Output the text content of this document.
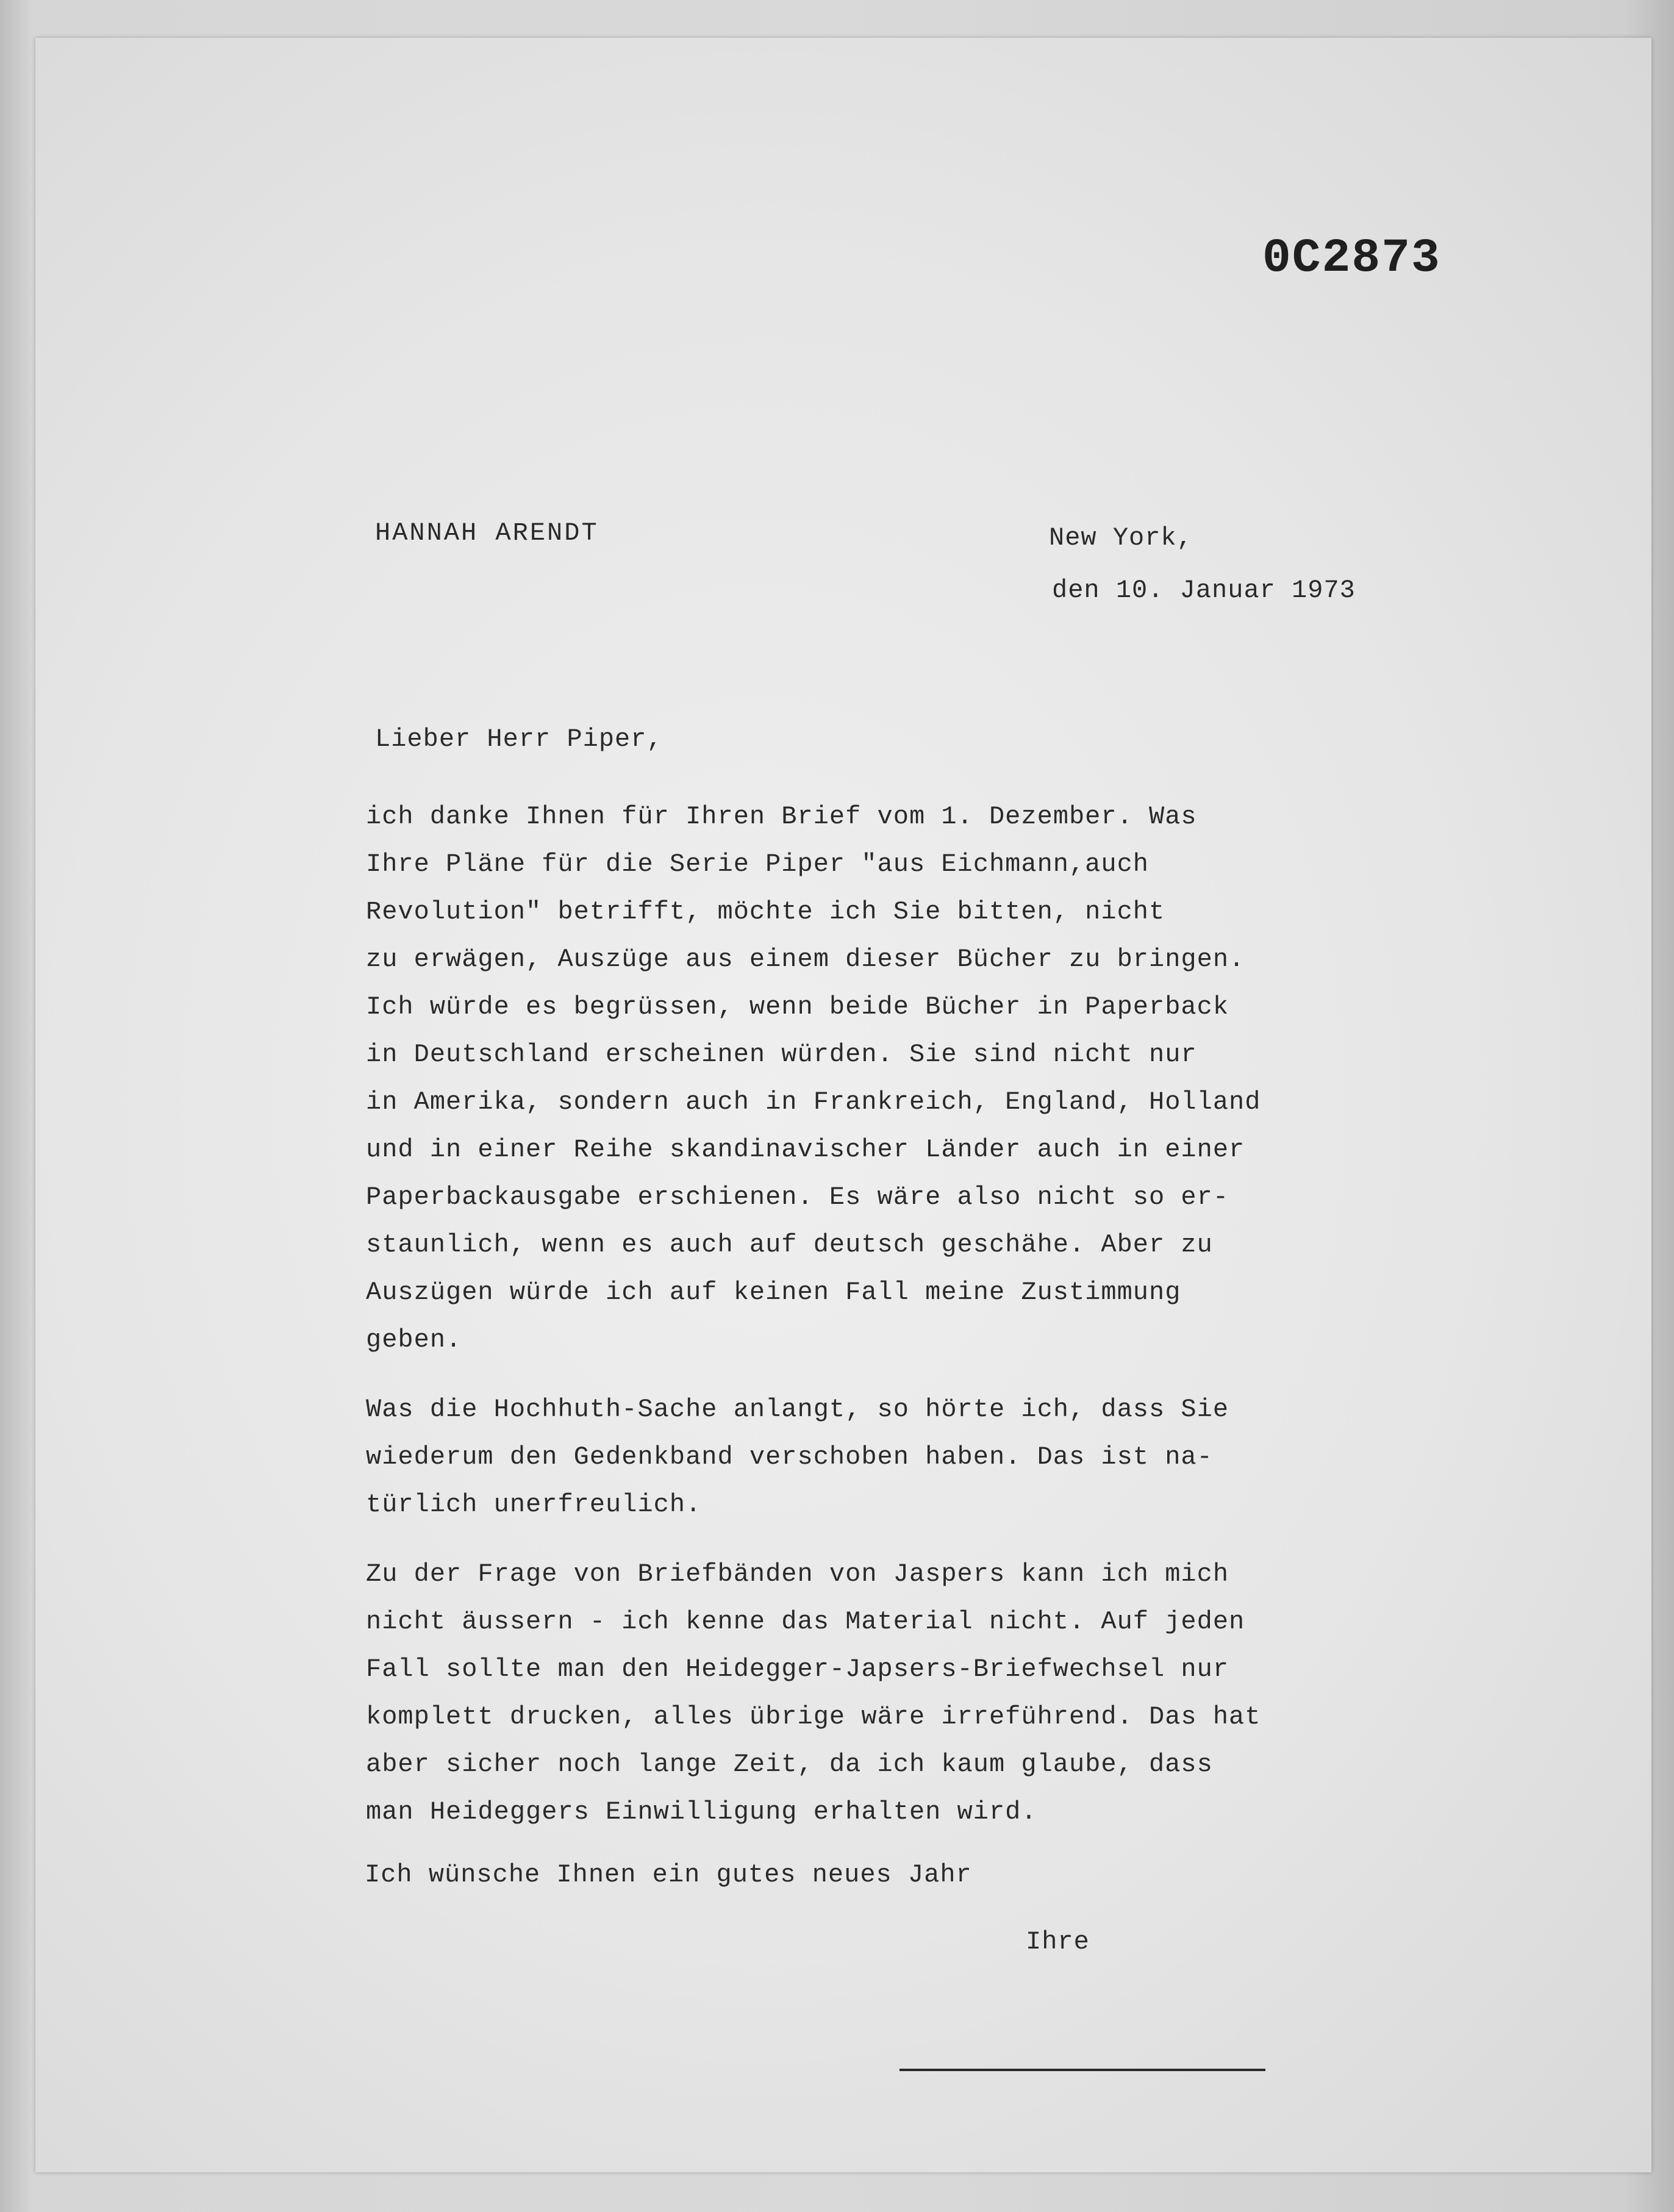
0C2873
HANNAH ARENDT	New York,
den 10. Januar 1973
Lieber Herr Piper,
ich danke Ihnen für Ihren Brief vom 1. Dezember. Was
Ihre Pläne für die Serie Piper "aus Eichmann,auch
Revolution" betrifft, möchte ich Sie bitten, nicht
zu erwägen, Auszüge aus einem dieser Bücher zu bringen.
Ich würde es begrüssen, wenn beide Bücher in Paperback
in Deutschland erscheinen würden. Sie sind nicht nur
in Amerika, sondern auch in Frankreich, England, Holland
und in einer Reihe skandinavischer Länder auch in einer
Paperbackausgabe erschienen. Es wäre also nicht so er-
staunlich, wenn es auch auf deutsch geschähe. Aber zu
Auszügen würde ich auf keinen Fall meine Zustimmung
geben.
Was die Hochhuth-Sache anlangt, so hörte ich, dass Sie
wiederum den Gedenkband verschoben haben. Das ist na-
türlich unerfreulich.
Zu der Frage von Briefbänden von Jaspers kann ich mich
nicht äussern - ich kenne das Material nicht. Auf jeden
Fall sollte man den Heidegger-Japsers-Briefwechsel nur
komplett drucken, alles übrige wäre irreführend. Das hat
aber sicher noch lange Zeit, da ich kaum glaube, dass
man Heideggers Einwilligung erhalten wird.
Ich wünsche Ihnen ein gutes neues Jahr
Ihre
